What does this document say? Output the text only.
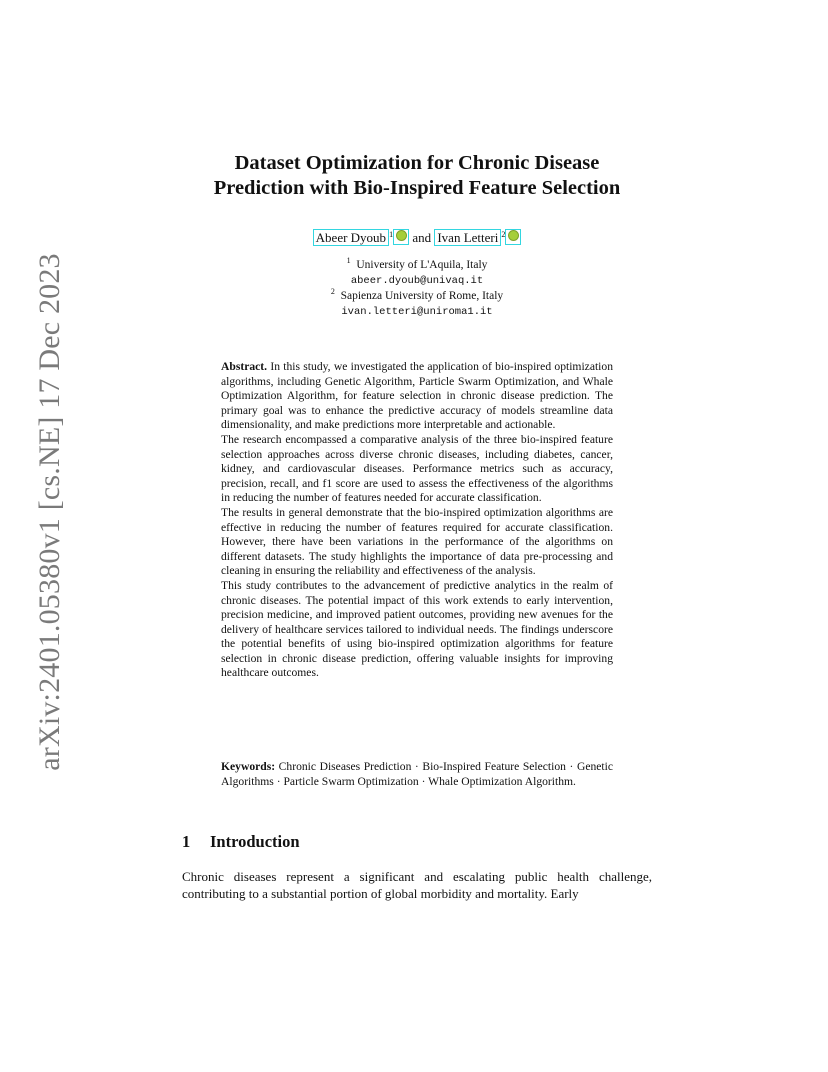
arXiv:2401.05380v1 [cs.NE] 17 Dec 2023
Dataset Optimization for Chronic Disease
Prediction with Bio-Inspired Feature Selection
Abeer Dyoub $^1$ and Ivan Letteri $^2$
$^1$ University of L'Aquila, Italy
abeer.dyoub@univaq.it
$^2$ Sapienza University of Rome, Italy
ivan.letteri@uniroma1.it

Abstract. In this study, we investigated the application of bio-inspired optimization algorithms, including Genetic Algorithm, Particle Swarm Optimization, and Whale Optimization Algorithm, for feature selection in chronic disease prediction. The primary goal was to enhance the predictive accuracy of models streamline data dimensionality, and make predictions more interpretable and actionable.

The research encompassed a comparative analysis of the three bio-inspired feature selection approaches across diverse chronic diseases, including diabetes, cancer, kidney, and cardiovascular diseases. Performance metrics such as accuracy, precision, recall, and f1 score are used to assess the effectiveness of the algorithms in reducing the number of features needed for accurate classification.

The results in general demonstrate that the bio-inspired optimization algorithms are effective in reducing the number of features required for accurate classification. However, there have been variations in the performance of the algorithms on different datasets. The study highlights the importance of data pre-processing and cleaning in ensuring the reliability and effectiveness of the analysis.

This study contributes to the advancement of predictive analytics in the realm of chronic diseases. The potential impact of this work extends to early intervention, precision medicine, and improved patient outcomes, providing new avenues for the delivery of healthcare services tailored to individual needs. The findings underscore the potential benefits of using bio-inspired optimization algorithms for feature selection in chronic disease prediction, offering valuable insights for improving healthcare outcomes.

Keywords: Chronic Diseases Prediction · Bio-Inspired Feature Selection · Genetic Algorithms · Particle Swarm Optimization · Whale Optimization Algorithm.
1 Introduction

Chronic diseases represent a significant and escalating public health challenge, contributing to a substantial portion of global morbidity and mortality. Early
